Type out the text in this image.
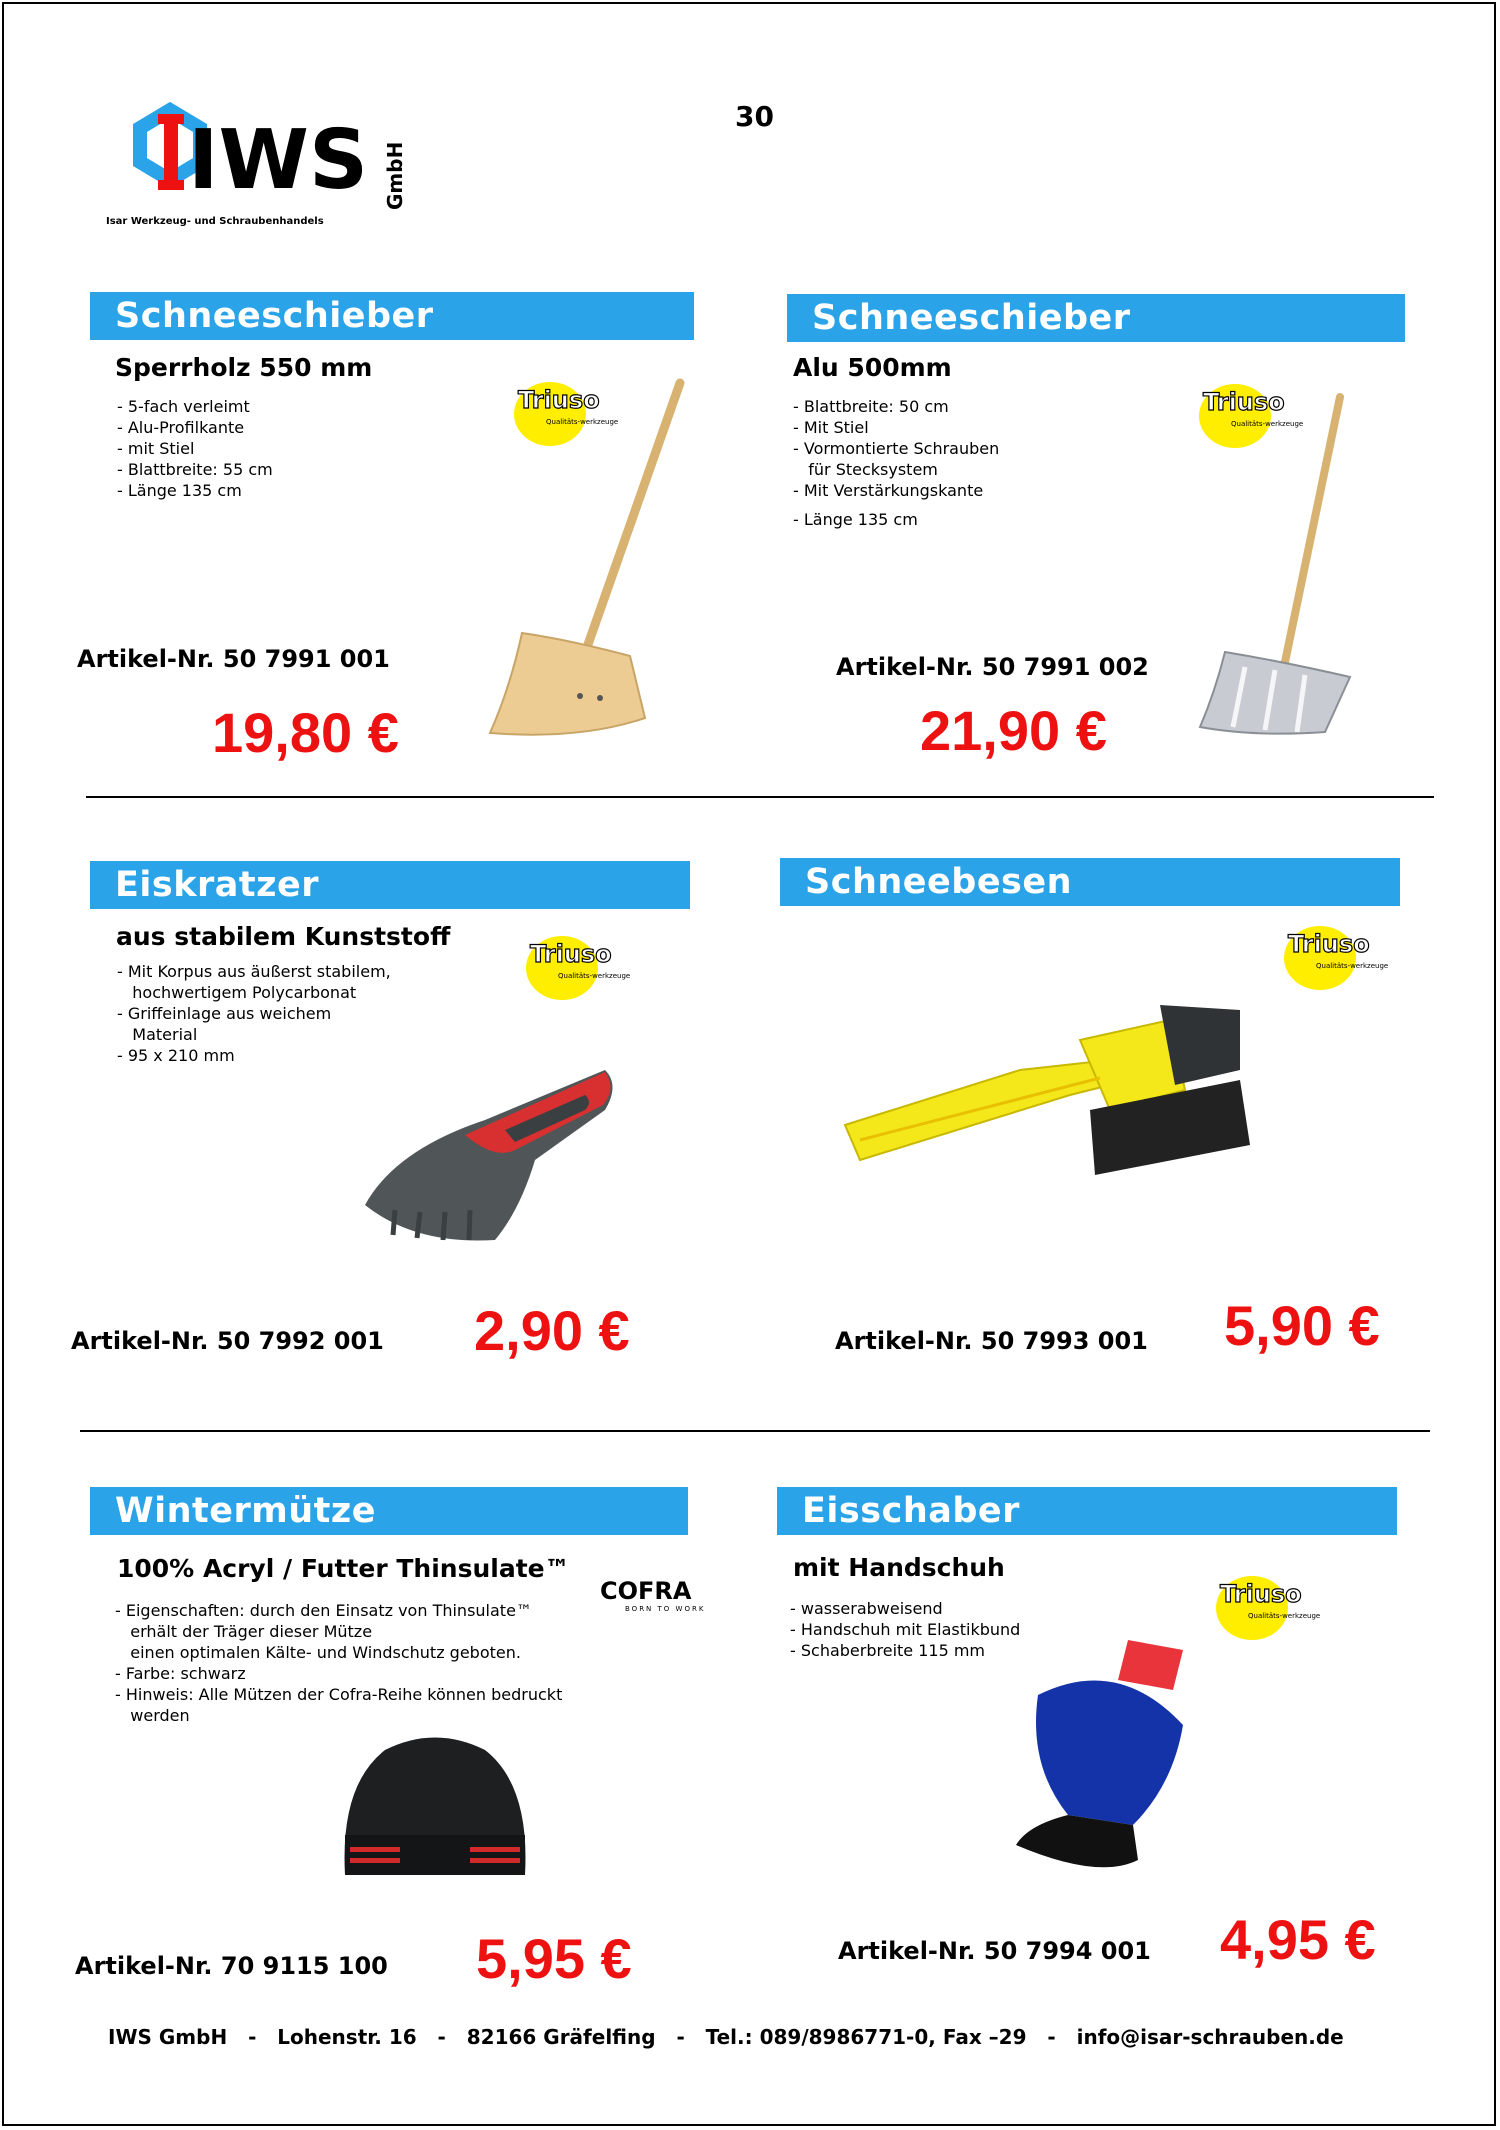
IWS GmbH
Isar Werkzeug- und Schraubenhandels
30
Schneeschieber
Sperrholz 550 mm
- 5-fach verleimt
- Alu-Profilkante
- mit Stiel
- Blattbreite: 55 cm
- Länge 135 cm
Triuso
Qualitäts-werkzeuge
Artikel-Nr. 50 7991 001
19,80 €
Schneeschieber
Alu 500mm
- Blattbreite: 50 cm
- Mit Stiel
- Vormontierte Schrauben
für Stecksystem
- Mit Verstärkungskante
- Länge 135 cm
Triuso
Qualitäts-werkzeuge
Artikel-Nr. 50 7991 002
21,90 €
Eiskratzer
aus stabilem Kunststoff
- Mit Korpus aus äußerst stabilem,
hochwertigem Polycarbonat
- Griffeinlage aus weichem
Material
- 95 x 210 mm
Triuso
Qualitäts-werkzeuge
Artikel-Nr. 50 7992 001 2,90 €
Schneebesen
Triuso
Qualitäts-werkzeuge
Artikel-Nr. 50 7993 001 5,90 €
Wintermütze
100% Acryl / Futter Thinsulate™
- Eigenschaften: durch den Einsatz von Thinsulate™
erhält der Träger dieser Mütze
einen optimalen Kälte- und Windschutz geboten.
- Farbe: schwarz
- Hinweis: Alle Mützen der Cofra-Reihe können bedruckt
werden
COFRA
BORN TO WORK
Artikel-Nr. 70 9115 100 5,95 €
Eisschaber
mit Handschuh
- wasserabweisend
- Handschuh mit Elastikbund
- Schaberbreite 115 mm
Triuso
Qualitäts-werkzeuge
Artikel-Nr. 50 7994 001 4,95 €
IWS GmbH   -   Lohenstr. 16   -   82166 Gräfelfing   -   Tel.: 089/8986771-0, Fax –29   -   info@isar-schrauben.de
